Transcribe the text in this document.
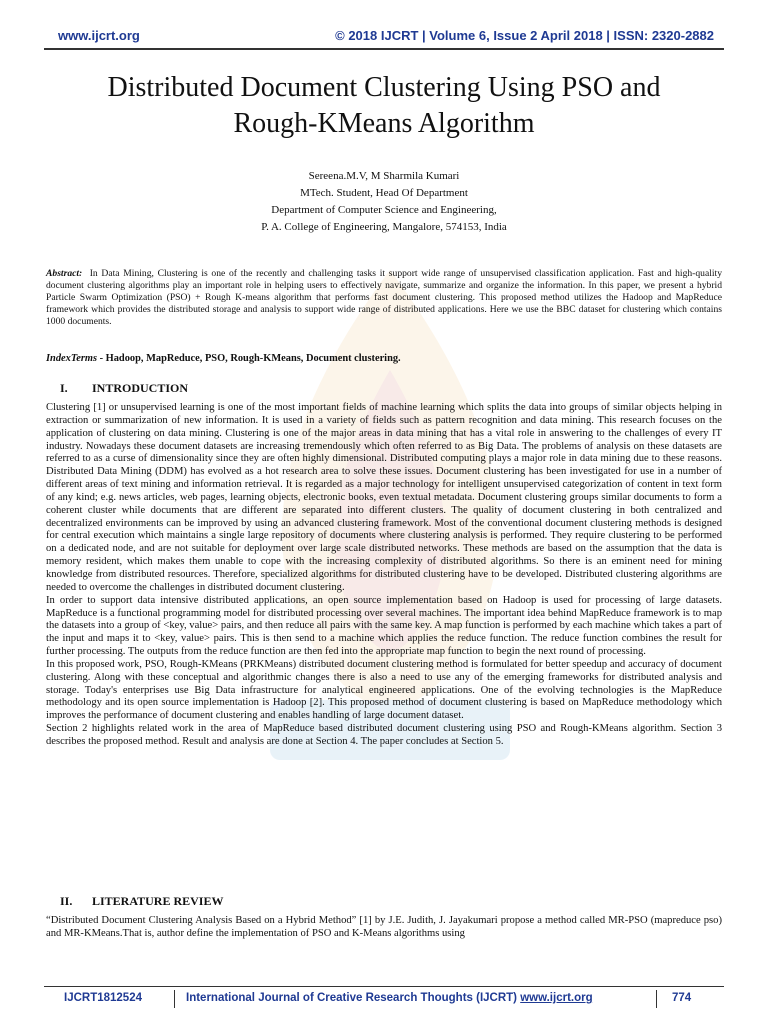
www.ijcrt.org	© 2018 IJCRT | Volume 6, Issue 2 April 2018 | ISSN: 2320-2882
Distributed Document Clustering Using PSO and
Rough-KMeans Algorithm
Sereena.M.V, M Sharmila Kumari
MTech. Student, Head Of Department
Department of Computer Science and Engineering,
P. A. College of Engineering, Mangalore, 574153, India
Abstract: In Data Mining, Clustering is one of the recently and challenging tasks it support wide range of unsupervised classification application. Fast and high-quality document clustering algorithms play an important role in helping users to effectively navigate, summarize and organize the information. In this paper, we present a hybrid Particle Swarm Optimization (PSO) + Rough K-means algorithm that performs fast document clustering. This proposed method utilizes the Hadoop and MapReduce framework which provides the distributed storage and analysis to support wide range of distributed applications. Here we use the BBC dataset for clustering which contains 1000 documents.
IndexTerms - Hadoop, MapReduce, PSO, Rough-KMeans, Document clustering.
I. INTRODUCTION

Clustering [1] or unsupervised learning is one of the most important fields of machine learning which splits the data into groups of similar objects helping in extraction or summarization of new information. It is used in a variety of fields such as pattern recognition and data mining. This research focuses on the application of clustering on data mining. Clustering is one of the major areas in data mining that has a vital role in answering to the challenges of every IT industry. Nowadays these document datasets are increasing tremendously which often referred to as Big Data. The problems of analysis on these datasets are referred to as a curse of dimensionality since they are often highly dimensional. Distributed computing plays a major role in data mining due to these reasons. Distributed Data Mining (DDM) has evolved as a hot research area to solve these issues. Document clustering has been investigated for use in a number of different areas of text mining and information retrieval. It is regarded as a major technology for intelligent unsupervised categorization of content in text form of any kind; e.g. news articles, web pages, learning objects, electronic books, even textual metadata. Document clustering groups similar documents to form a coherent cluster while documents that are different are separated into different clusters. The quality of document clustering in both centralized and decentralized environments can be improved by using an advanced clustering framework. Most of the conventional document clustering methods is designed for central execution which maintains a single large repository of documents where clustering analysis is performed. They require clustering to be performed on a dedicated node, and are not suitable for deployment over large scale distributed networks. These methods are based on the assumption that the data is memory resident, which makes them unable to cope with the increasing complexity of distributed algorithms. So there is an eminent need for mining knowledge from distributed resources. Therefore, specialized algorithms for distributed clustering have to be developed. Distributed clustering algorithms are needed to overcome the challenges in distributed document clustering.

In order to support data intensive distributed applications, an open source implementation based on Hadoop is used for processing of large datasets. MapReduce is a functional programming model for distributed processing over several machines. The important idea behind MapReduce framework is to map the datasets into a group of <key, value> pairs, and then reduce all pairs with the same key. A map function is performed by each machine which takes a part of the input and maps it to <key, value> pairs. This is then send to a machine which applies the reduce function. The reduce function combines the result for further processing. The outputs from the reduce function are then fed into the appropriate map function to begin the next round of processing.

In this proposed work, PSO, Rough-KMeans (PRKMeans) distributed document clustering method is formulated for better speedup and accuracy of document clustering. Along with these conceptual and algorithmic changes there is also a need to use any of the emerging frameworks for distributed analysis and storage. Today's enterprises use Big Data infrastructure for analytical engineered applications. One of the evolving technologies is the MapReduce methodology and its open source implementation is Hadoop [2]. This proposed method of document clustering is based on MapReduce methodology which improves the performance of document clustering and enables handling of large document dataset.

Section 2 highlights related work in the area of MapReduce based distributed document clustering using PSO and Rough-KMeans algorithm. Section 3 describes the proposed method. Result and analysis are done at Section 4. The paper concludes at Section 5.

II. LITERATURE REVIEW

“Distributed Document Clustering Analysis Based on a Hybrid Method” [1] by J.E. Judith, J. Jayakumari propose a method called MR-PSO (mapreduce pso) and MR-KMeans.That is, author define the implementation of PSO and K-Means algorithms using

IJCRT1812524	International Journal of Creative Research Thoughts (IJCRT) www.ijcrt.org	774
